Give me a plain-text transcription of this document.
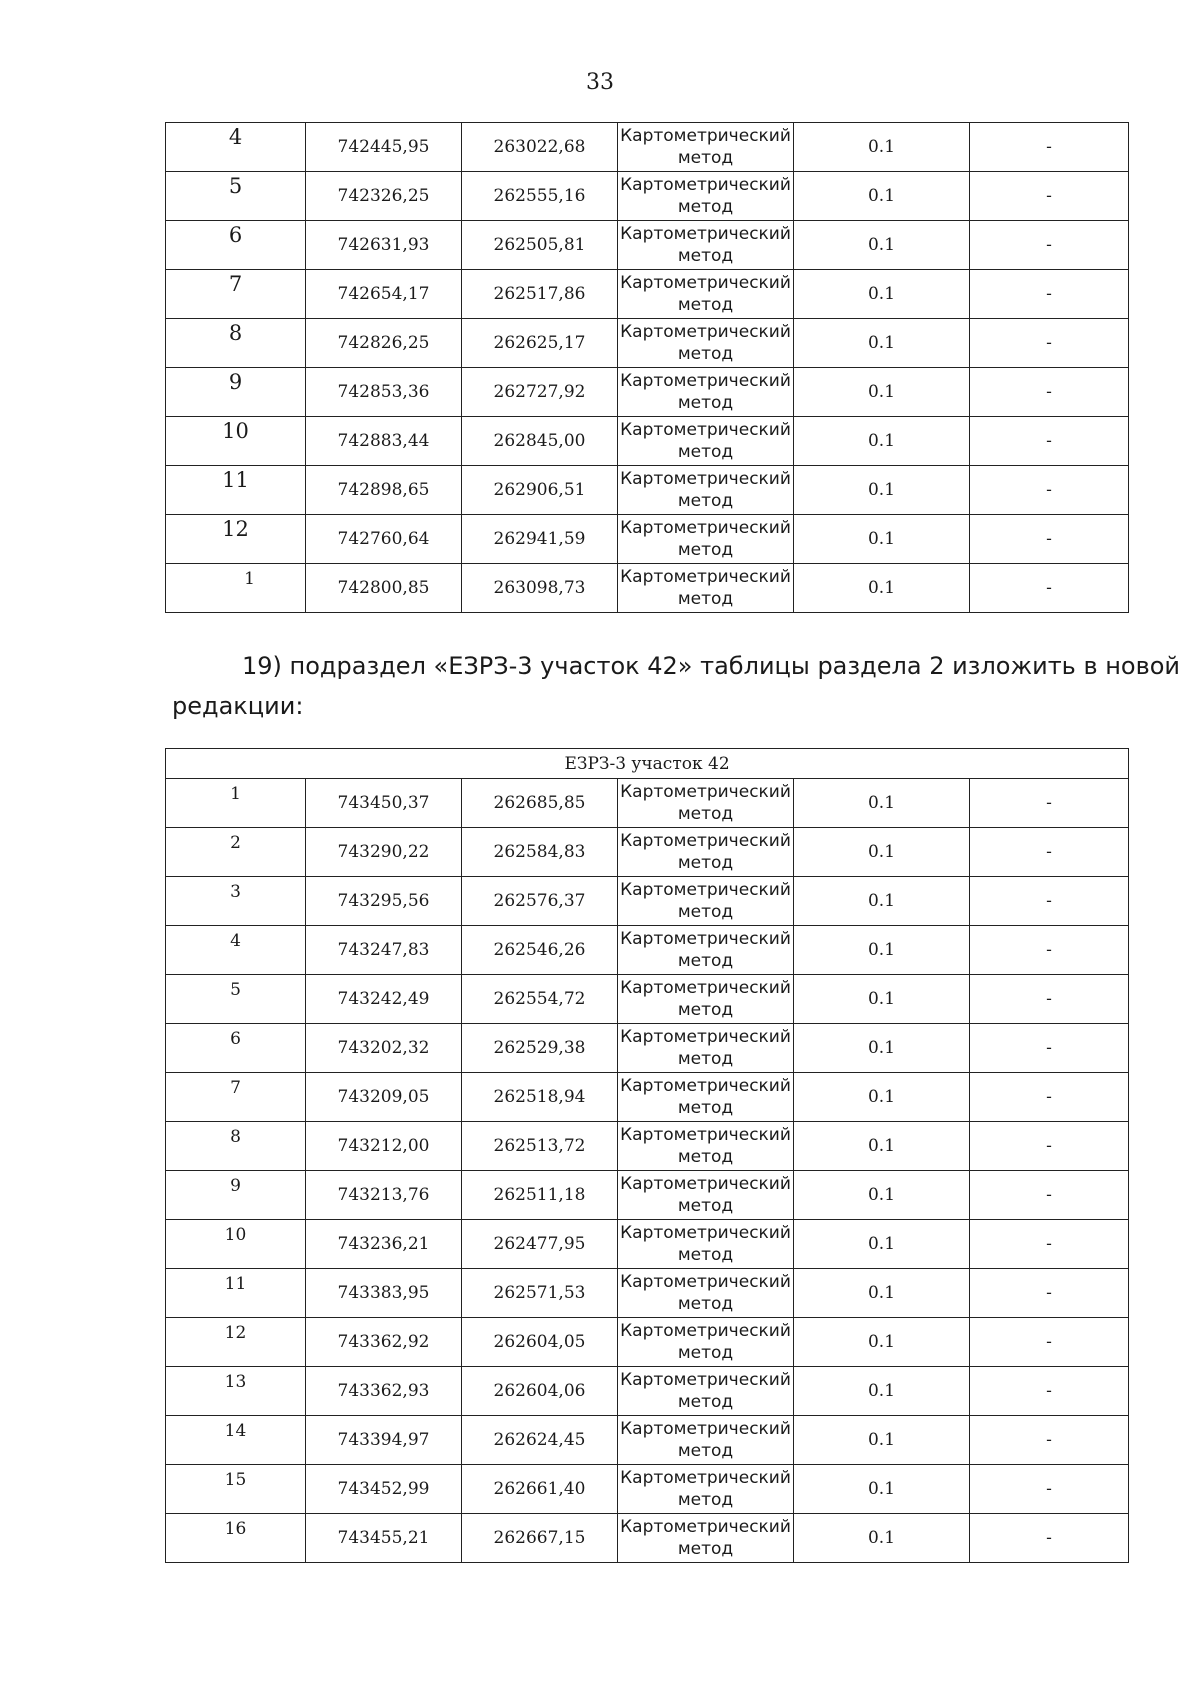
33
4	742445,95	263022,68	Картометрический
метод	0.1	-

5	742326,25	262555,16	Картометрический
метод	0.1	-

6	742631,93	262505,81	Картометрический
метод	0.1	-

7	742654,17	262517,86	Картометрический
метод	0.1	-

8	742826,25	262625,17	Картометрический
метод	0.1	-

9	742853,36	262727,92	Картометрический
метод	0.1	-

10	742883,44	262845,00	Картометрический
метод	0.1	-

11	742898,65	262906,51	Картометрический
метод	0.1	-

12	742760,64	262941,59	Картометрический
метод	0.1	-

1	742800,85	263098,73	Картометрический
метод	0.1	-
19) подраздел «ЕЗРЗ-3 участок 42» таблицы раздела 2 изложить в новой
редакции:
ЕЗРЗ-3 участок 42					

1	743450,37	262685,85	Картометрический
метод	0.1	-

2	743290,22	262584,83	Картометрический
метод	0.1	-

3	743295,56	262576,37	Картометрический
метод	0.1	-

4	743247,83	262546,26	Картометрический
метод	0.1	-

5	743242,49	262554,72	Картометрический
метод	0.1	-

6	743202,32	262529,38	Картометрический
метод	0.1	-

7	743209,05	262518,94	Картометрический
метод	0.1	-

8	743212,00	262513,72	Картометрический
метод	0.1	-

9	743213,76	262511,18	Картометрический
метод	0.1	-

10	743236,21	262477,95	Картометрический
метод	0.1	-

11	743383,95	262571,53	Картометрический
метод	0.1	-

12	743362,92	262604,05	Картометрический
метод	0.1	-

13	743362,93	262604,06	Картометрический
метод	0.1	-

14	743394,97	262624,45	Картометрический
метод	0.1	-

15	743452,99	262661,40	Картометрический
метод	0.1	-

16	743455,21	262667,15	Картометрический
метод	0.1	-
